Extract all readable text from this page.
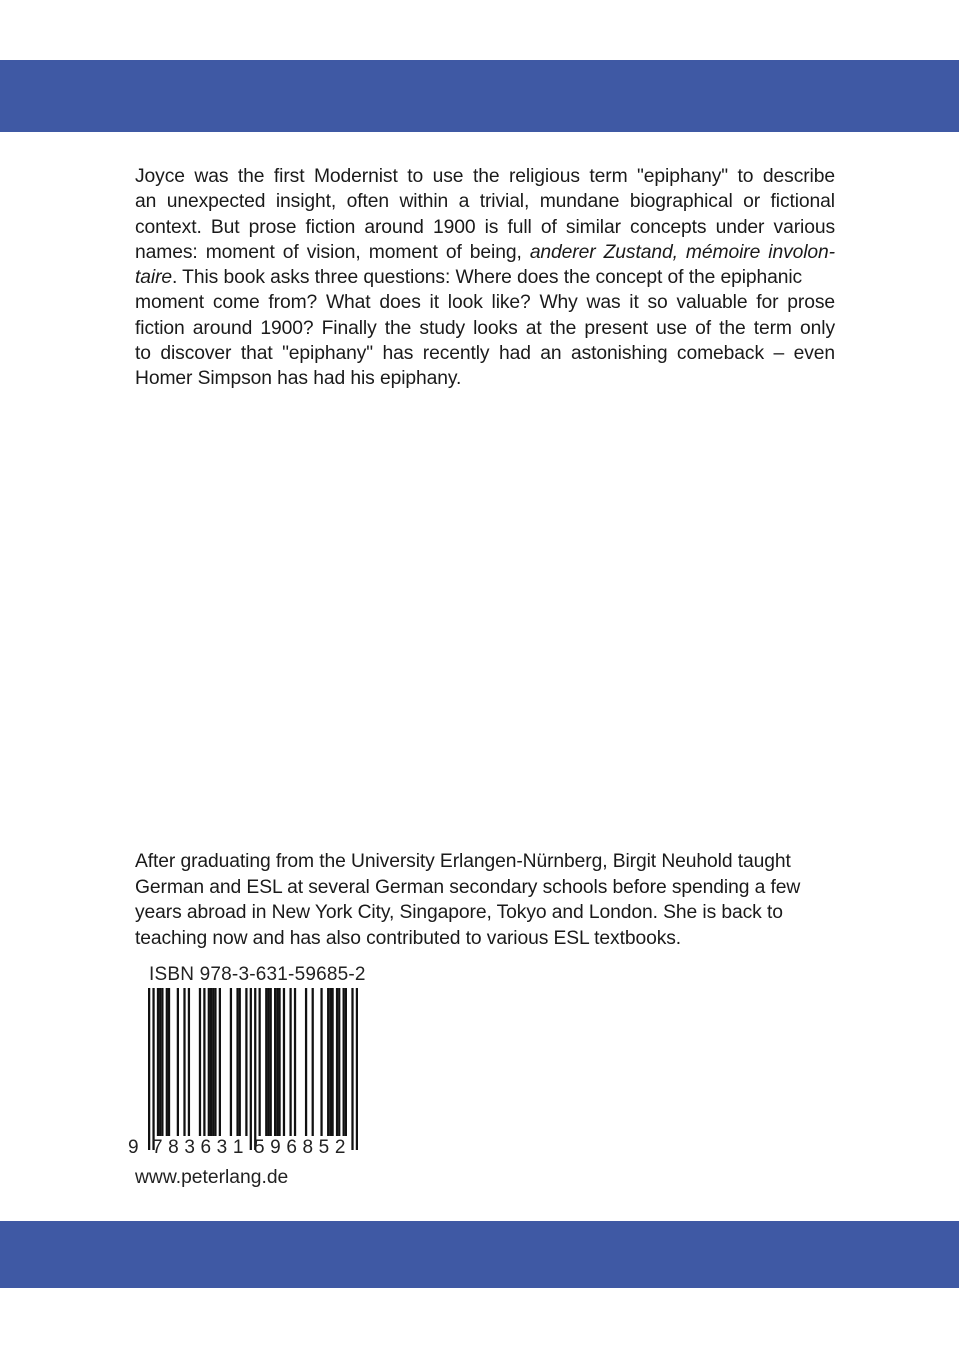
Joyce was the first Modernist to use the religious term "epiphany" to describe
an unexpected insight, often within a trivial, mundane biographical or fictional
context. But prose fiction around 1900 is full of similar concepts under various
names: moment of vision, moment of being, anderer Zustand, mémoire involon-
taire. This book asks three questions: Where does the concept of the epiphanic
moment come from? What does it look like? Why was it so valuable for prose
fiction around 1900? Finally the study looks at the present use of the term only
to discover that "epiphany" has recently had an astonishing comeback – even
Homer Simpson has had his epiphany.
After graduating from the University Erlangen-Nürnberg, Birgit Neuhold taught
German and ESL at several German secondary schools before spending a few
years abroad in New York City, Singapore, Tokyo and London. She is back to
teaching now and has also contributed to various ESL textbooks.
ISBN 978-3-631-59685-2
9 783631 596852
www.peterlang.de
